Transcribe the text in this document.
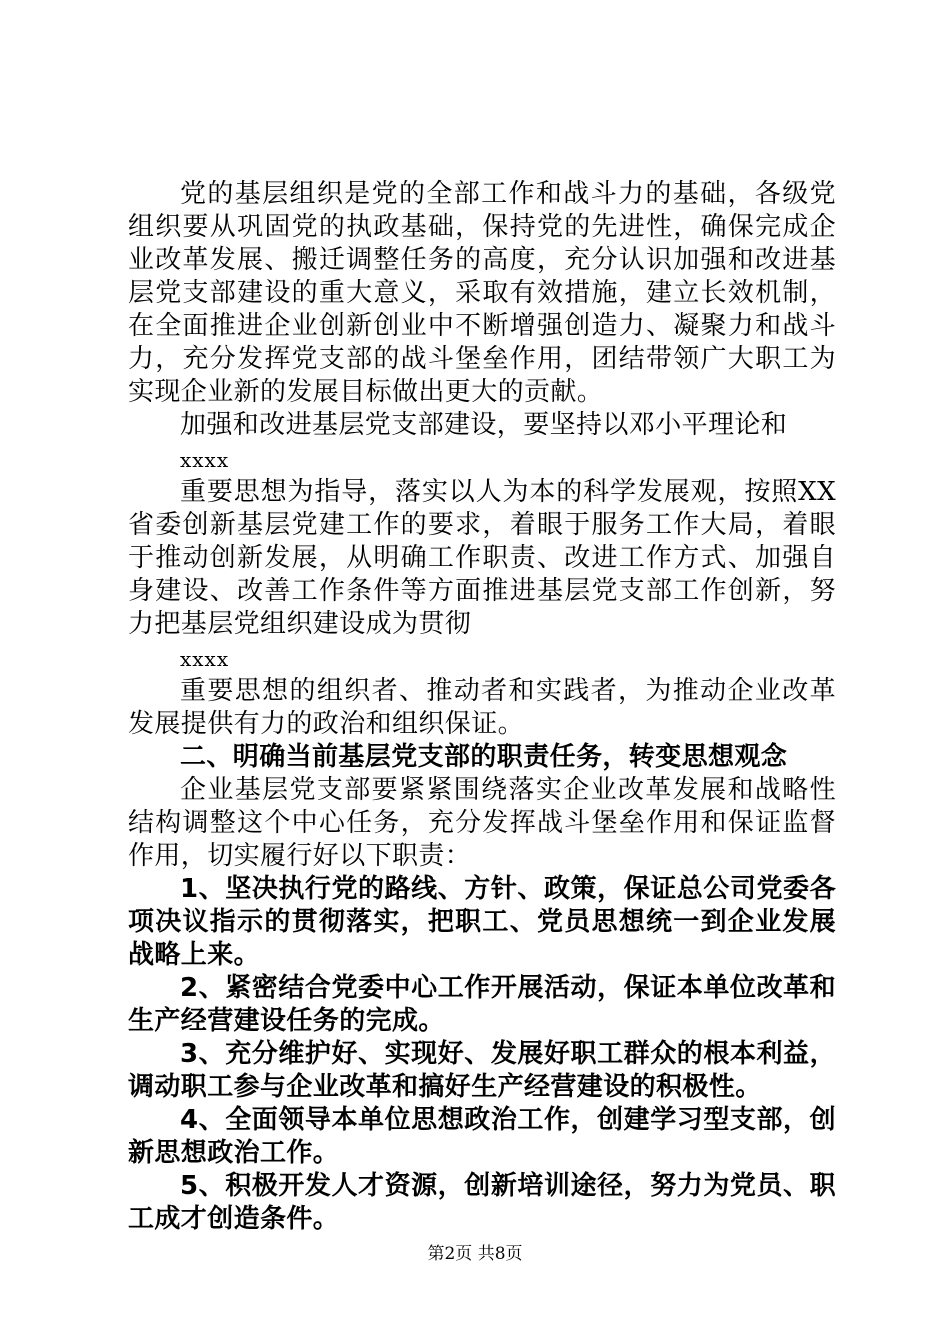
党的基层组织是党的全部工作和战斗力的基础，各级党组织要从巩固党的执政基础，保持党的先进性，确保完成企业改革发展、搬迁调整任务的高度，充分认识加强和改进基层党支部建设的重大意义，采取有效措施，建立长效机制，在全面推进企业创新创业中不断增强创造力、凝聚力和战斗力，充分发挥党支部的战斗堡垒作用，团结带领广大职工为实现企业新的发展目标做出更大的贡献。

加强和改进基层党支部建设，要坚持以邓小平理论和

xxxx

重要思想为指导，落实以人为本的科学发展观，按照XX省委创新基层党建工作的要求，着眼于服务工作大局，着眼于推动创新发展，从明确工作职责、改进工作方式、加强自身建设、改善工作条件等方面推进基层党支部工作创新，努力把基层党组织建设成为贯彻

xxxx

重要思想的组织者、推动者和实践者，为推动企业改革发展提供有力的政治和组织保证。

二、明确当前基层党支部的职责任务，转变思想观念

企业基层党支部要紧紧围绕落实企业改革发展和战略性结构调整这个中心任务，充分发挥战斗堡垒作用和保证监督作用，切实履行好以下职责：

1、坚决执行党的路线、方针、政策，保证总公司党委各项决议指示的贯彻落实，把职工、党员思想统一到企业发展战略上来。

2、紧密结合党委中心工作开展活动，保证本单位改革和生产经营建设任务的完成。

3、充分维护好、实现好、发展好职工群众的根本利益，调动职工参与企业改革和搞好生产经营建设的积极性。

4、全面领导本单位思想政治工作，创建学习型支部，创新思想政治工作。

5、积极开发人才资源，创新培训途径，努力为党员、职工成才创造条件。

第2页 共8页
